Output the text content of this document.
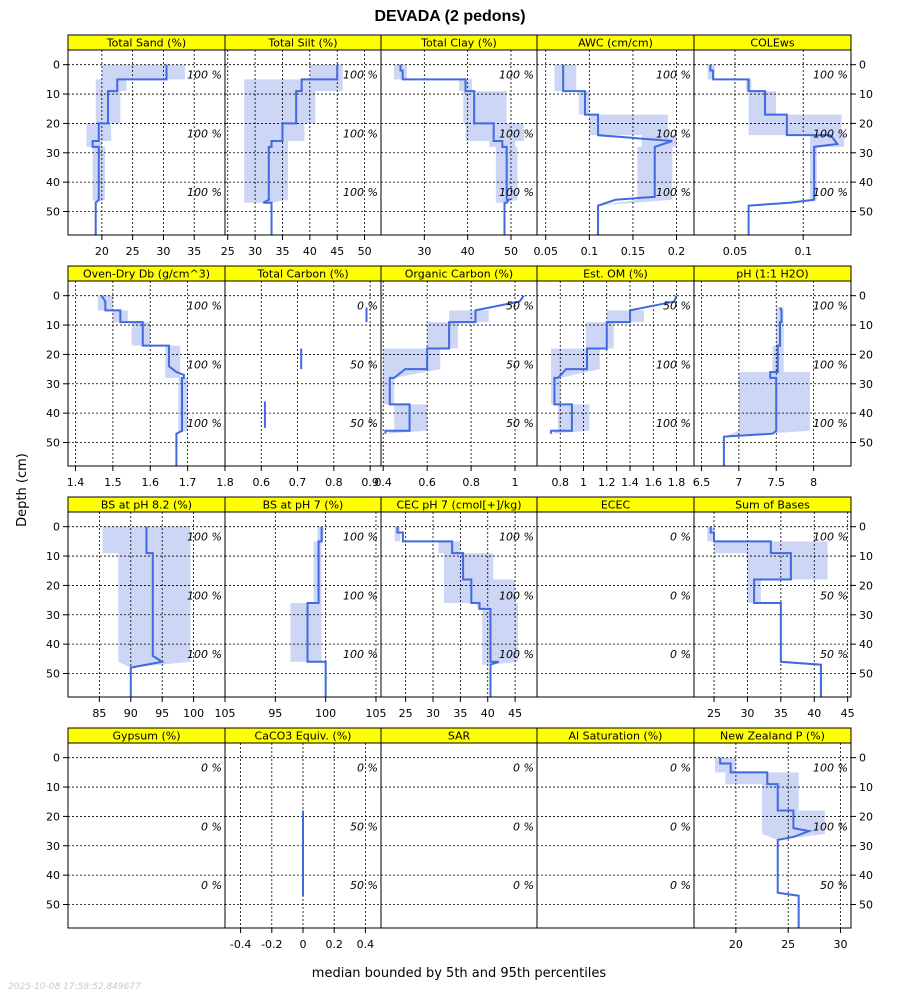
DEVADA (2 pedons)
Depth (cm)
median bounded by 5th and 95th percentiles
2025-10-08 17:58:52.849677
Total Sand (%)
100 %
100 %
100 %
20 25 30 35
0
10
20
30
40
50
Total Silt (%)
100 %
100 %
100 %
25 30 35 40 45 50
Total Clay (%)
100 %
100 %
100 %
30	40	50
AWC (cm/cm)
100 %
100 %
100 %
0.05 0.1 0.15 0.2
COLEws
100 %
100 %
100 %
0.05	0.1
0
10
20
30
40
50
Oven-Dry Db (g/cm^3)
100 %
100 %
100 %
1.4 1.5 1.6 1.7 1.8
0
10
20
30
40
50
Total Carbon (%)
0 %
50 %
50 %
0.6 0.7 0.8 0.9
Organic Carbon (%)
50 %
50 %
50 %
0.4 0.6 0.8	1
Est. OM (%)
50 %
100 %
100 %
0.8 1 1.2 1.4 1.6 1.8
pH (1:1 H2O)
100 %
100 %
100 %
6.5 7 7.5 8
0
10
20
30
40
50
BS at pH 8.2 (%)
100 %
100 %
100 %
85 90 95 100 105
0
10
20
30
40
50
BS at pH 7 (%)
100 %
100 %
100 %
95	100	105
CEC pH 7 (cmol[+]/kg)
100 %
100 %
100 %
25 30 35 40 45
ECEC
0 %
0 %
0 %
Sum of Bases
100 %
50 %
50 %
25 30 35 40 45
0
10
20
30
40
50
Gypsum (%)
0 %
0 %
0 %
0
10
20
30
40
50
CaCO3 Equiv. (%)
0 %
50 %
50 %
-0.4 -0.2 0 0.2 0.4
SAR
0 %
0 %
0 %
Al Saturation (%)
0 %
0 %
0 %
New Zealand P (%)
100 %
100 %
50 %
20	25	30
0
10
20
30
40
50
